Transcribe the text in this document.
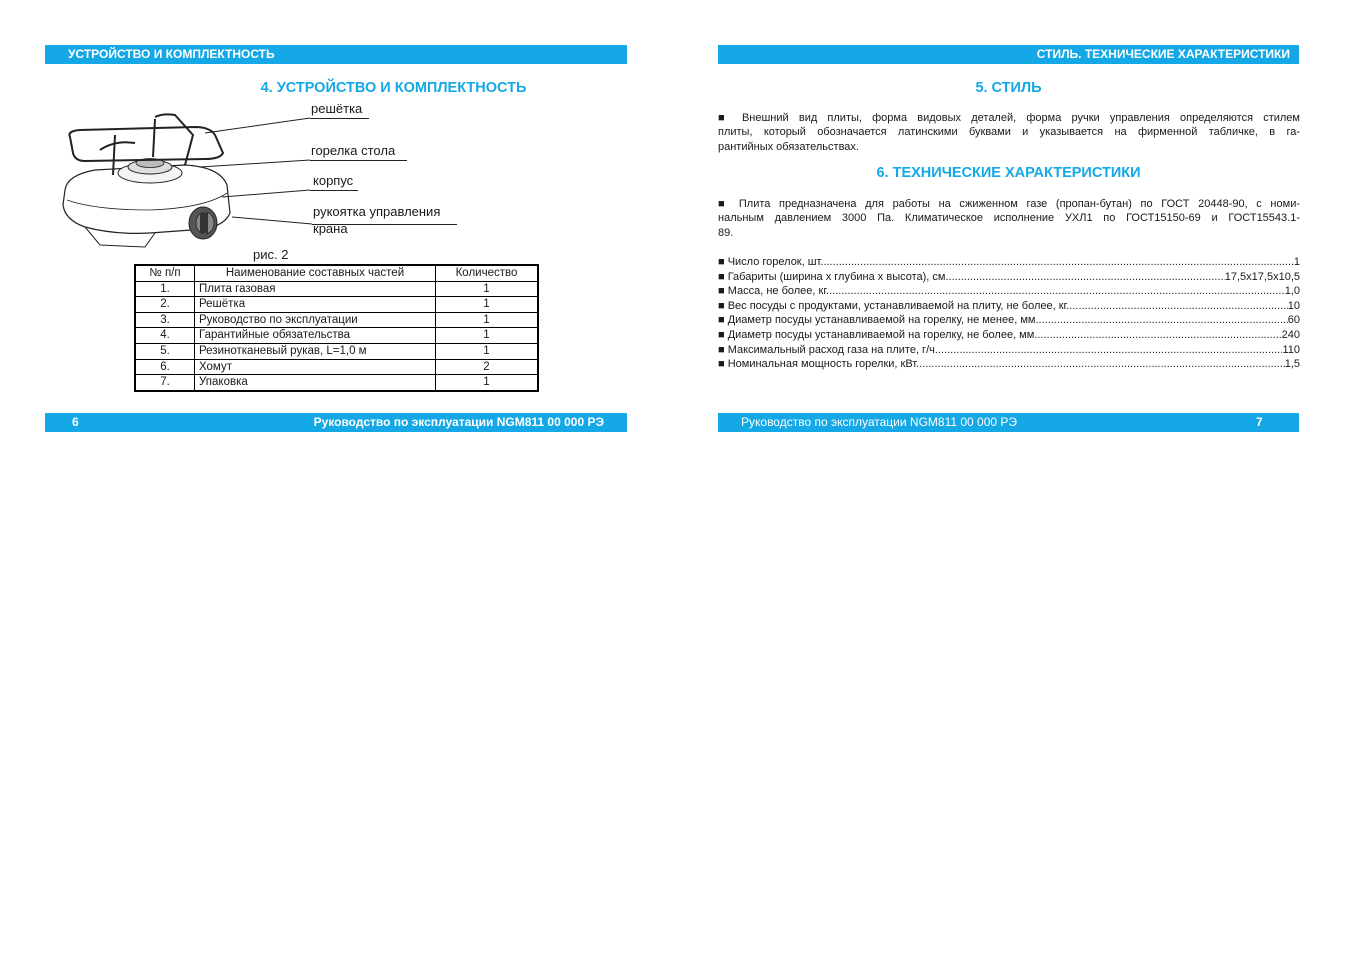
УСТРОЙСТВО И КОМПЛЕКТНОСТЬ
4. УСТРОЙСТВО И КОМПЛЕКТНОСТЬ
решётка
горелка стола
корпус
рукоятка управления
крана
рис. 2
№ п/п	Наименование составных частей	Количество
1.	Плита газовая	1
2.	Решётка	1
3.	Руководство по эксплуатации	1
4.	Гарантийные обязательства	1
5.	Резинотканевый рукав, L=1,0 м	1
6.	Хомут	2
7.	Упаковка	1
6	Руководство по эксплуатации NGM811 00 000 РЭ
СТИЛЬ. ТЕХНИЧЕСКИЕ ХАРАКТЕРИСТИКИ
5. СТИЛЬ
■ Внешний вид плиты, форма видовых деталей, форма ручки управления определяются стилем
плиты, который обозначается латинскими буквами и указывается на фирменной табличке, в га-
рантийных обязательствах.
6. ТЕХНИЧЕСКИЕ ХАРАКТЕРИСТИКИ
■ Плита предназначена для работы на сжиженном газе (пропан-бутан) по ГОСТ 20448-90, с номи-
нальным давлением 3000 Па. Климатическое исполнение УХЛ1 по ГОСТ15150-69 и ГОСТ15543.1-
89.
■ Число горелок, шт. .....	1
■ Габариты (ширина х глубина х высота), см. .....	17,5х17,5х10,5
■ Масса, не более, кг. .....	1,0
■ Вес посуды с продуктами, устанавливаемой на плиту, не более, кг. .....	10
■ Диаметр посуды устанавливаемой на горелку, не менее, мм. .....	60
■ Диаметр посуды устанавливаемой на горелку, не более, мм. .....	240
■ Максимальный расход газа на плите, г/ч. .....	110
■ Номинальная мощность горелки, кВт. .....	1,5
Руководство по эксплуатации NGM811 00 000 РЭ	7
